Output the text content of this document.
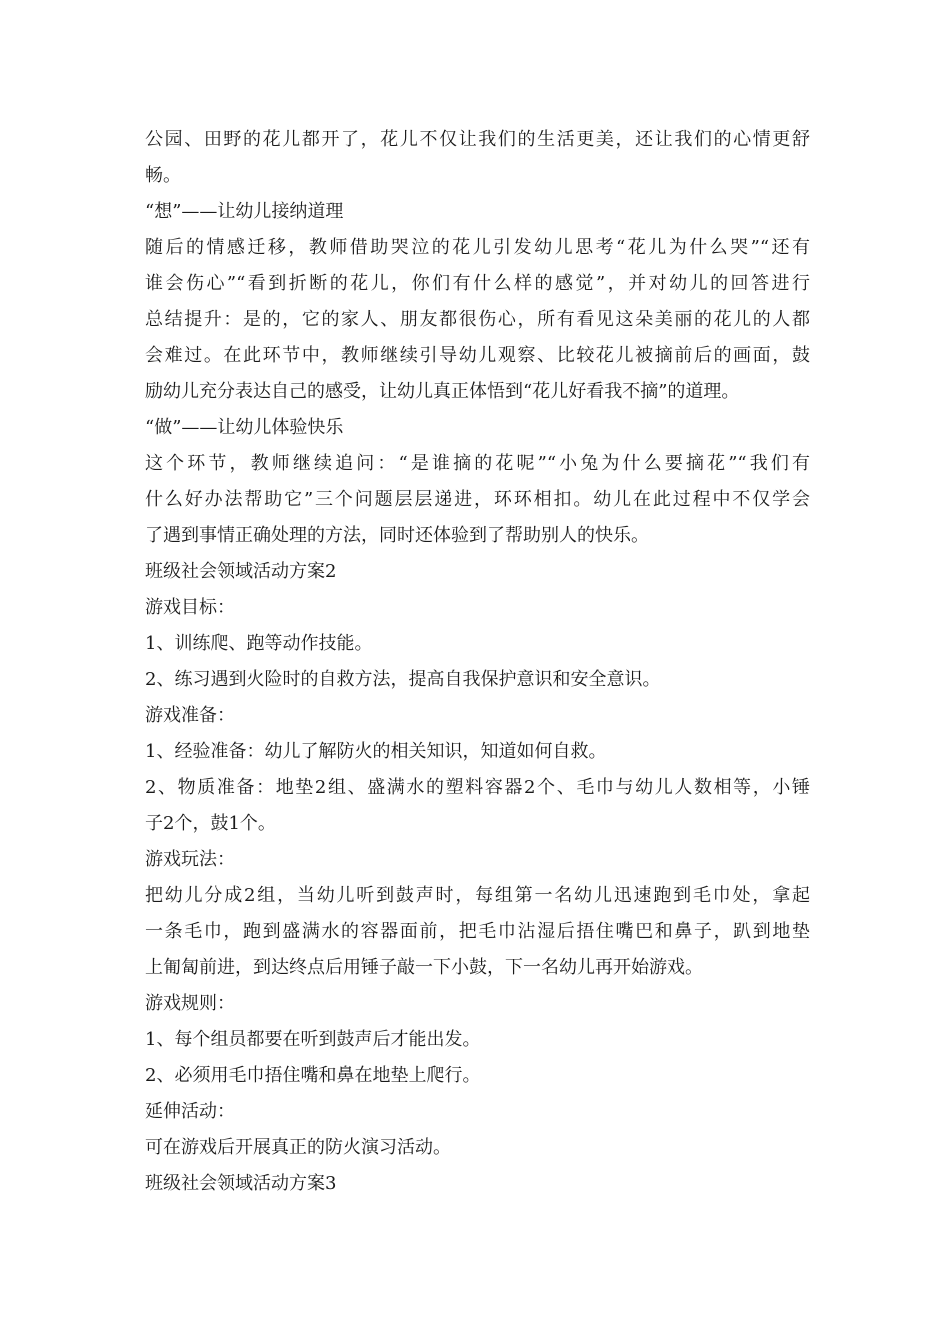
公园、田野的花儿都开了，花儿不仅让我们的生活更美，还让我们的心情更舒

畅。

“想”——让幼儿接纳道理

随后的情感迁移，教师借助哭泣的花儿引发幼儿思考“花儿为什么哭”“还有

谁会伤心”“看到折断的花儿，你们有什么样的感觉”，并对幼儿的回答进行

总结提升：是的，它的家人、朋友都很伤心，所有看见这朵美丽的花儿的人都

会难过。在此环节中，教师继续引导幼儿观察、比较花儿被摘前后的画面，鼓

励幼儿充分表达自己的感受，让幼儿真正体悟到“花儿好看我不摘”的道理。

“做”——让幼儿体验快乐

这个环节，教师继续追问：“是谁摘的花呢”“小兔为什么要摘花”“我们有

什么好办法帮助它”三个问题层层递进，环环相扣。幼儿在此过程中不仅学会

了遇到事情正确处理的方法，同时还体验到了帮助别人的快乐。

班级社会领域活动方案2

游戏目标：

1、训练爬、跑等动作技能。

2、练习遇到火险时的自救方法，提高自我保护意识和安全意识。

游戏准备：

1、经验准备：幼儿了解防火的相关知识，知道如何自救。

2、物质准备：地垫2组、盛满水的塑料容器2个、毛巾与幼儿人数相等，小锤

子2个，鼓1个。

游戏玩法：

把幼儿分成2组，当幼儿听到鼓声时，每组第一名幼儿迅速跑到毛巾处，拿起

一条毛巾，跑到盛满水的容器面前，把毛巾沾湿后捂住嘴巴和鼻子，趴到地垫

上匍匐前进，到达终点后用锤子敲一下小鼓，下一名幼儿再开始游戏。

游戏规则：

1、每个组员都要在听到鼓声后才能出发。

2、必须用毛巾捂住嘴和鼻在地垫上爬行。

延伸活动：

可在游戏后开展真正的防火演习活动。

班级社会领域活动方案3
